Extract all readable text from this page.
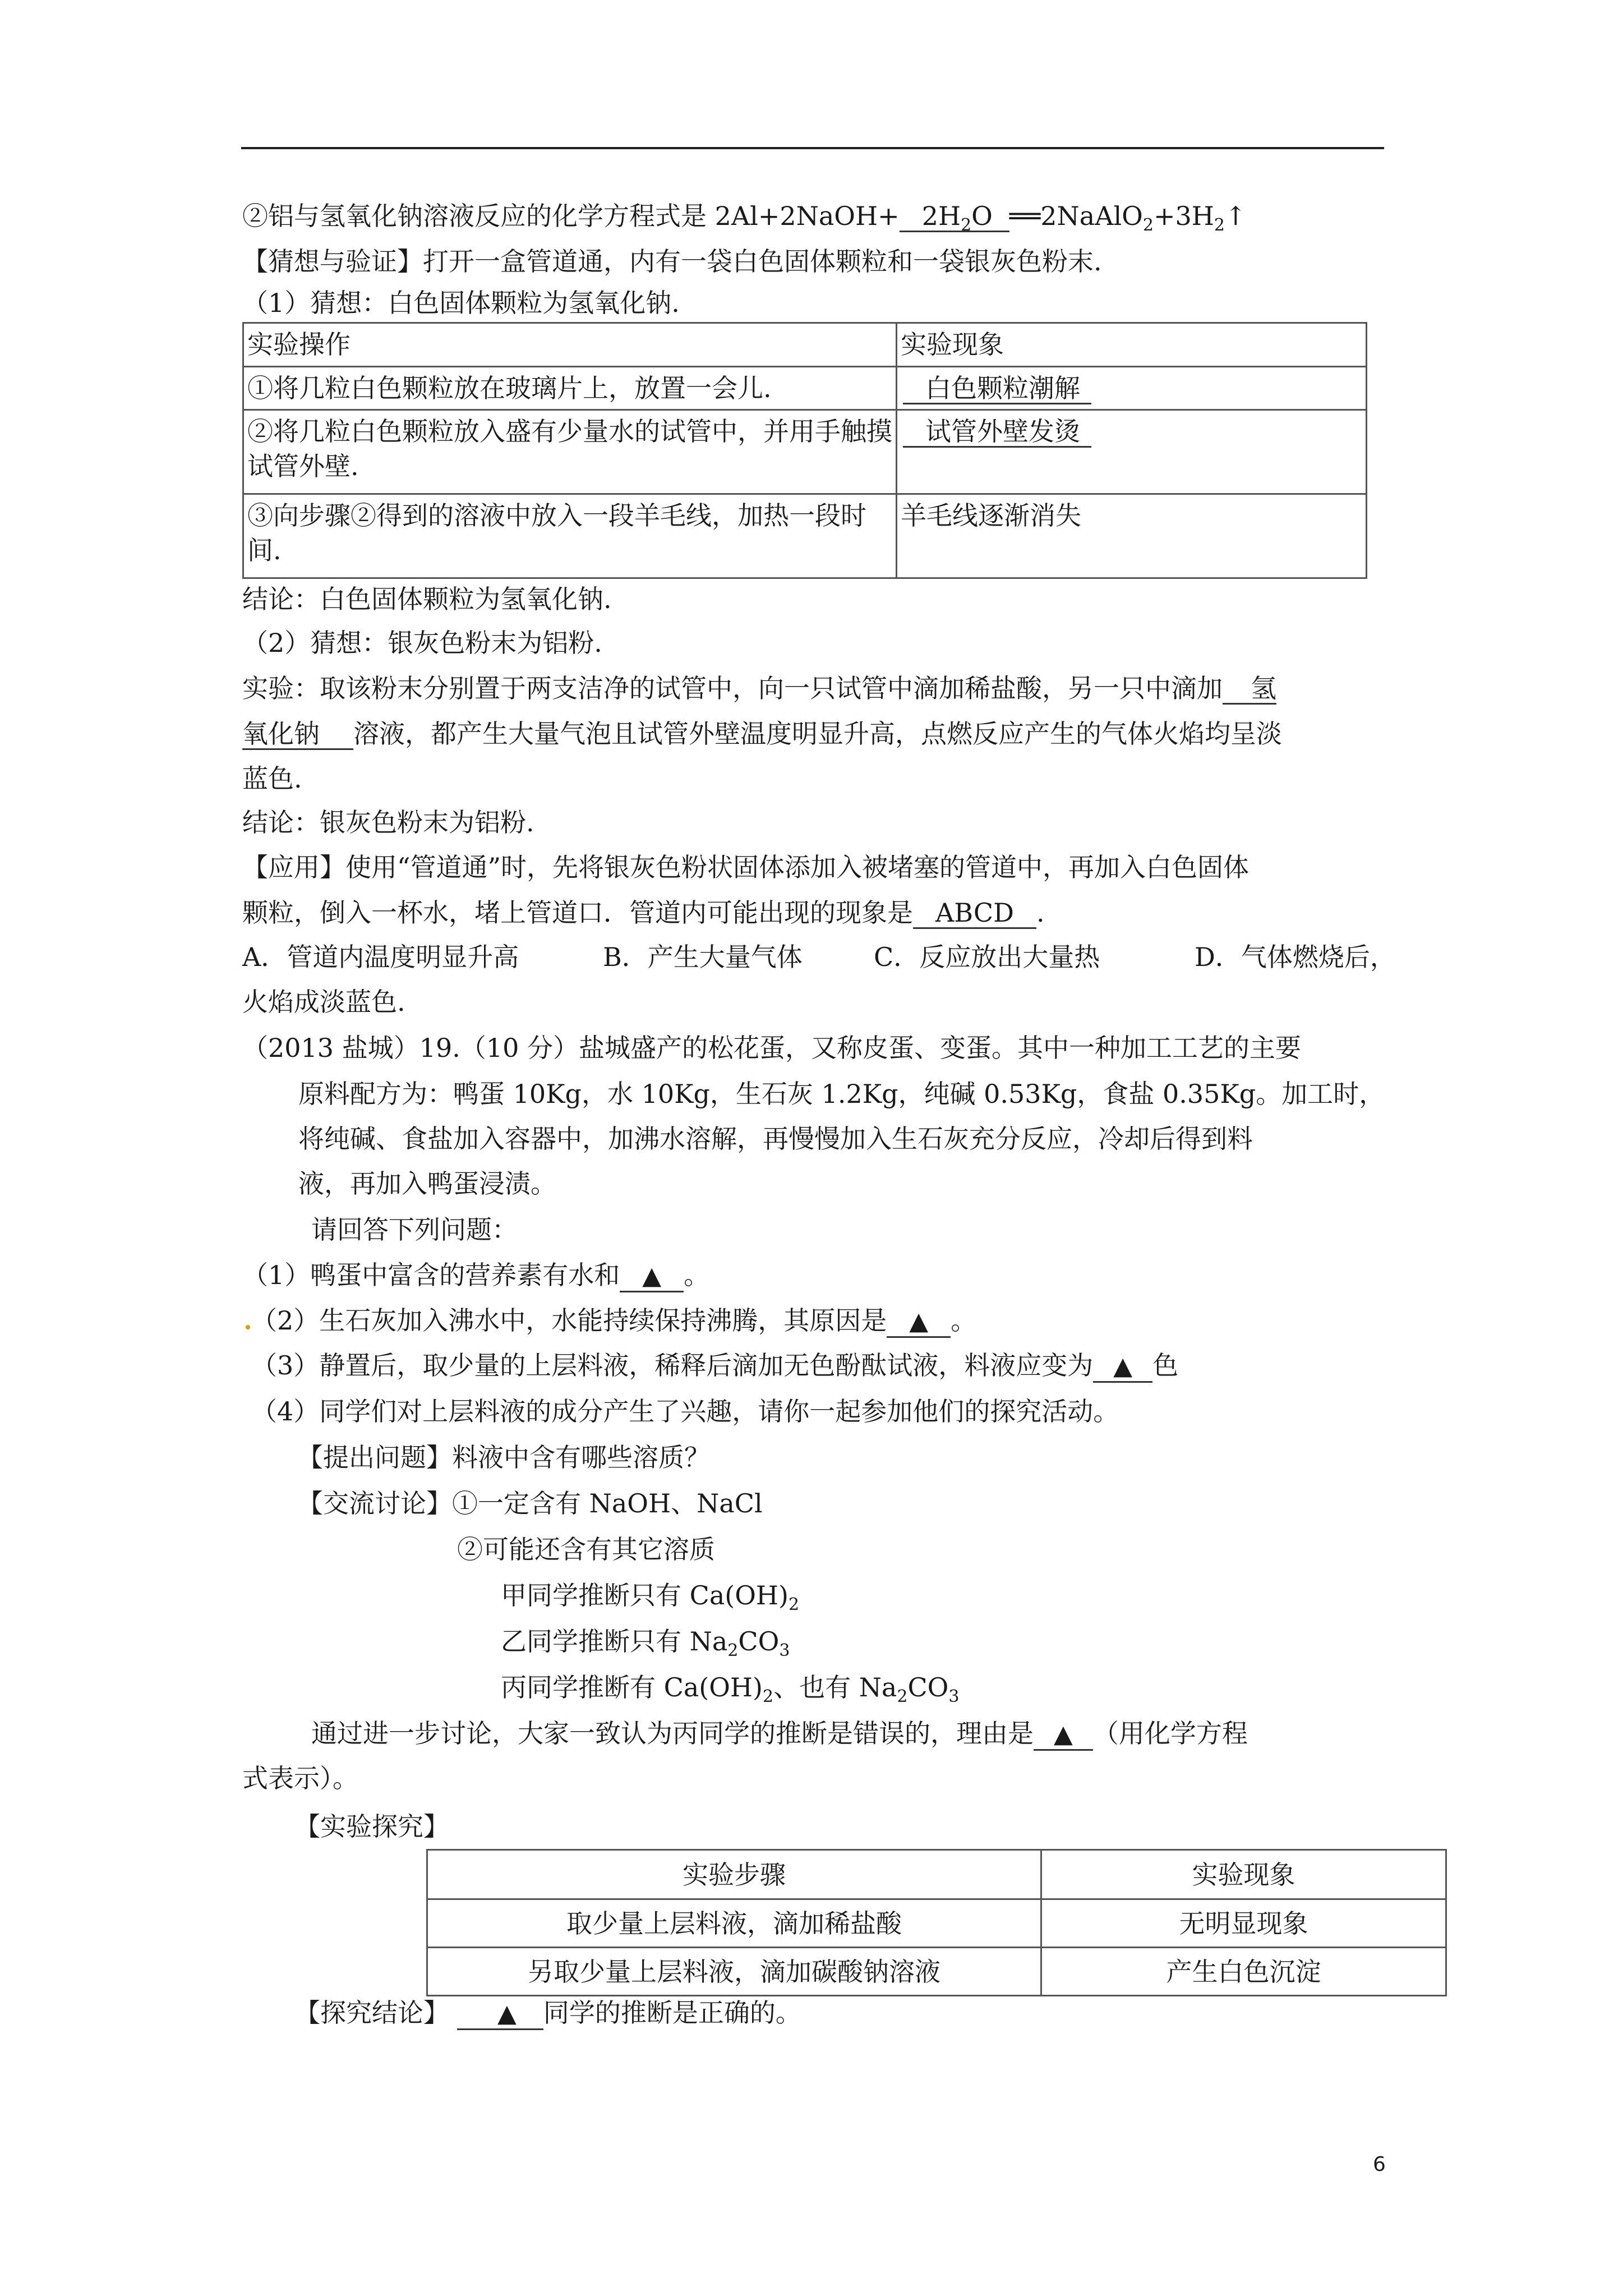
②铝与氢氧化钠溶液反应的化学方程式是 2Al+2NaOH+ $2H_2O$ $══2NaAlO_2+3H_2↑$
【猜想与验证】打开一盒管道通，内有一袋白色固体颗粒和一袋银灰色粉末.
（1）猜想：白色固体颗粒为氢氧化钠.
实验操作	实验现象
①将几粒白色颗粒放在玻璃片上，放置一会儿.	白色颗粒潮解
②将几粒白色颗粒放入盛有少量水的试管中，并用手触摸试管外壁.	试管外壁发烫
③向步骤②得到的溶液中放入一段羊毛线，加热一段时间.	羊毛线逐渐消失
结论：白色固体颗粒为氢氧化钠.
（2）猜想：银灰色粉末为铝粉.
实验：取该粉末分别置于两支洁净的试管中，向一只试管中滴加稀盐酸，另一只中滴加 氢
氧化钠 溶液，都产生大量气泡且试管外壁温度明显升高，点燃反应产生的气体火焰均呈淡
蓝色.
结论：银灰色粉末为铝粉.
【应用】使用“管道通”时，先将银灰色粉状固体添加入被堵塞的管道中，再加入白色固体
颗粒，倒入一杯水，堵上管道口．管道内可能出现的现象是 ABCD .
A．管道内温度明显升高	B．产生大量气体	C．反应放出大量热	D．气体燃烧后，
火焰成淡蓝色.
（2013 盐城）19.（10 分）盐城盛产的松花蛋，又称皮蛋、变蛋。其中一种加工工艺的主要
原料配方为：鸭蛋 10Kg，水 10Kg，生石灰 1.2Kg，纯碱 0.53Kg，食盐 0.35Kg。加工时，
将纯碱、食盐加入容器中，加沸水溶解，再慢慢加入生石灰充分反应，冷却后得到料
液，再加入鸭蛋浸渍。
请回答下列问题：
（1）鸭蛋中富含的营养素有水和 ▲ 。
（2）生石灰加入沸水中，水能持续保持沸腾，其原因是 ▲ 。
（3）静置后，取少量的上层料液，稀释后滴加无色酚酞试液，料液应变为 ▲ 色
（4）同学们对上层料液的成分产生了兴趣，请你一起参加他们的探究活动。
【提出问题】料液中含有哪些溶质？
【交流讨论】①一定含有 NaOH、NaCl
②可能还含有其它溶质
甲同学推断只有 $Ca(OH)_2$
乙同学推断只有 $Na_2CO_3$
丙同学推断有 $Ca(OH)_2$、也有 $Na_2CO_3$
通过进一步讨论，大家一致认为丙同学的推断是错误的，理由是 ▲ （用化学方程
式表示）。
【实验探究】
实验步骤	实验现象
取少量上层料液，滴加稀盐酸	无明显现象
另取少量上层料液，滴加碳酸钠溶液	产生白色沉淀
【探究结论】 ▲ 同学的推断是正确的。
6
